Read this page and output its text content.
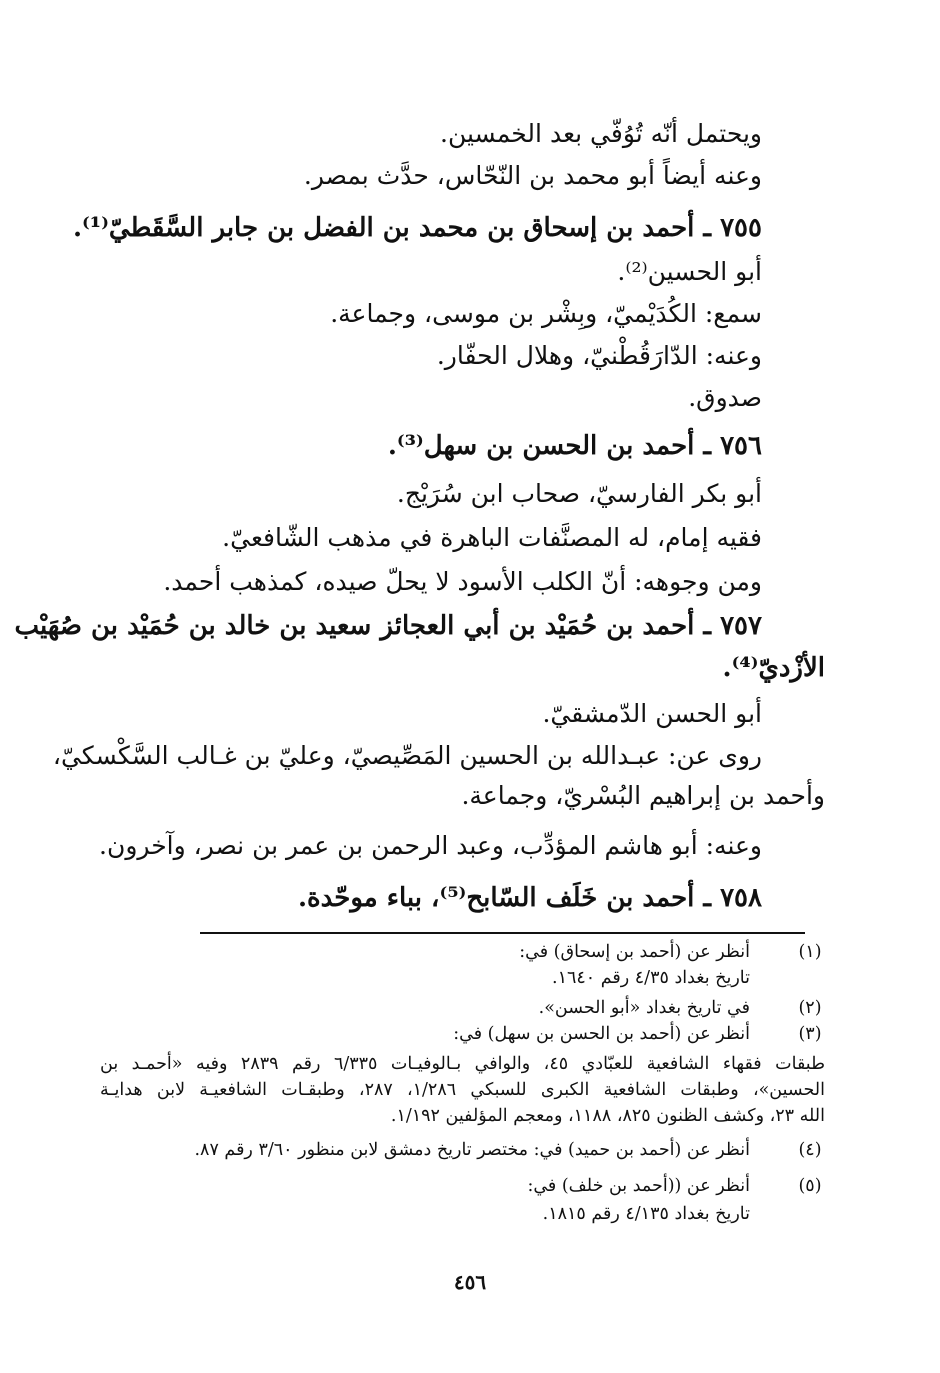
ويحتمل أنّه تُوُفّي بعد الخمسين.
وعنه أيضاً أبو محمد بن النّحّاس، حدَّث بمصر.
٧٥٥ ـ أحمد بن إسحاق بن محمد بن الفضل بن جابر السَّقَطيّ⁽¹⁾.
أبو الحسين⁽²⁾.
سمع: الكُدَيْميّ، وبِشْر بن موسى، وجماعة.
وعنه: الدّارَقُطْنيّ، وهلال الحفّار.
صدوق.
٧٥٦ ـ أحمد بن الحسن بن سهل⁽³⁾.
أبو بكر الفارسيّ، صحاب ابن سُرَيْج.
فقيه إمام، له المصنَّفات الباهرة في مذهب الشّافعيّ.
ومن وجوهه: أنّ الكلب الأسود لا يحلّ صيده، كمذهب أحمد.
٧٥٧ ـ أحمد بن حُمَيْد بن أبي العجائز سعيد بن خالد بن حُمَيْد بن صُهَيْب
الأزْديّ⁽⁴⁾.
أبو الحسن الدّمشقيّ.
روى عن: عبـدالله بن الحسين المَصِّيصيّ، وعليّ بن غـالب السَّكْسكيّ،
وأحمد بن إبراهيم البُسْريّ، وجماعة.
وعنه: أبو هاشم المؤدِّب، وعبد الرحمن بن عمر بن نصر، وآخرون.
٧٥٨ ـ أحمد بن خَلَف السّابح⁽⁵⁾، بباء موحّدة.
(١)
أنظر عن (أحمد بن إسحاق) في:
تاريخ بغداد ٤/٣٥ رقم ١٦٤٠.
(٢)
في تاريخ بغداد «أبو الحسن».
(٣)
أنظر عن (أحمد بن الحسن بن سهل) في:
طبقات فقهاء الشافعية للعبّادي ٤٥، والوافي بـالوفيـات ٦/٣٣٥ رقم ٢٨٣٩ وفيه «أحمـد بن
الحسين»، وطبقات الشافعية الكبرى للسبكي ١/٢٨٦، ٢٨٧، وطبقـات الشافعيـة لابن هدايـة
الله ٢٣، وكشف الظنون ٨٢٥، ١١٨٨، ومعجم المؤلفين ١/١٩٢.
(٤)
أنظر عن (أحمد بن حميد) في: مختصر تاريخ دمشق لابن منظور ٣/٦٠ رقم ٨٧.
(٥)
أنظر عن ((أحمد بن خلف) في:
تاريخ بغداد ٤/١٣٥ رقم ١٨١٥.
٤٥٦
